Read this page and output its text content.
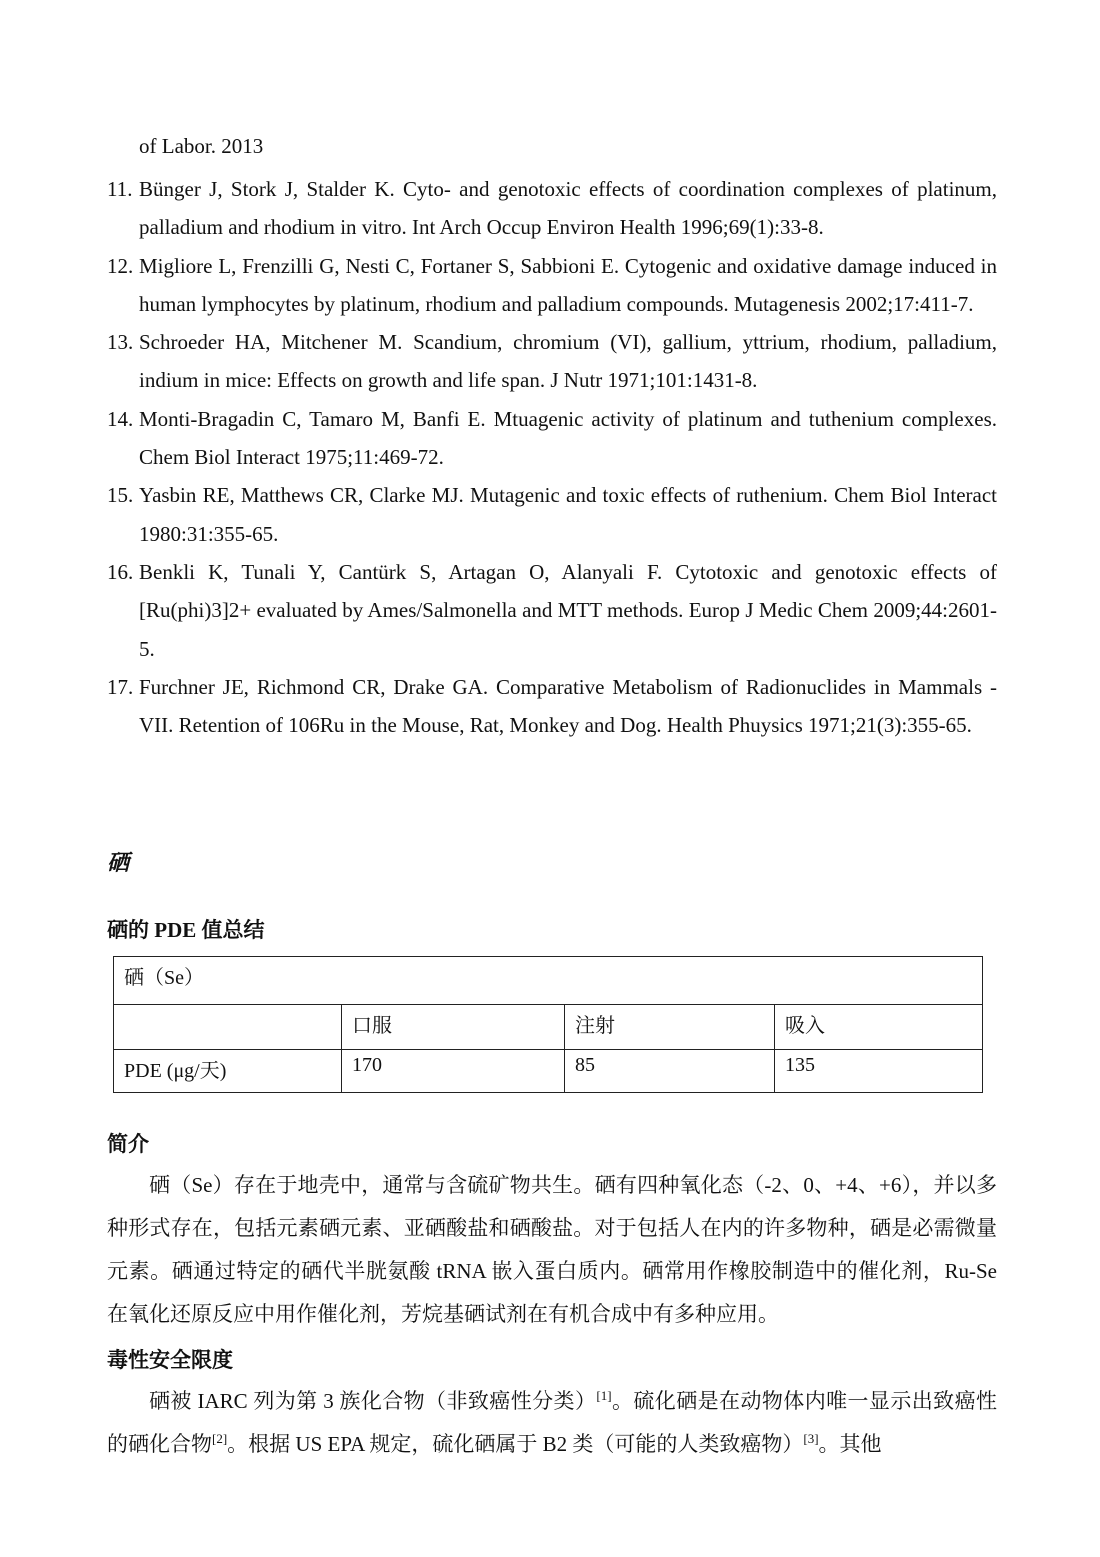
of Labor. 2013

11. Bünger J, Stork J, Stalder K. Cyto- and genotoxic effects of coordination complexes of platinum, palladium and rhodium in vitro. Int Arch Occup Environ Health 1996;69(1):33-8.
12. Migliore L, Frenzilli G, Nesti C, Fortaner S, Sabbioni E. Cytogenic and oxidative damage induced in human lymphocytes by platinum, rhodium and palladium compounds. Mutagenesis 2002;17:411-7.
13. Schroeder HA, Mitchener M. Scandium, chromium (VI), gallium, yttrium, rhodium, palladium, indium in mice: Effects on growth and life span. J Nutr 1971;101:1431-8.
14. Monti-Bragadin C, Tamaro M, Banfi E. Mtuagenic activity of platinum and tuthenium complexes. Chem Biol Interact 1975;11:469-72.
15. Yasbin RE, Matthews CR, Clarke MJ. Mutagenic and toxic effects of ruthenium. Chem Biol Interact 1980:31:355-65.
16. Benkli K, Tunali Y, Cantürk S, Artagan O, Alanyali F. Cytotoxic and genotoxic effects of [Ru(phi)3]2+ evaluated by Ames/Salmonella and MTT methods. Europ J Medic Chem 2009;44:2601-5.
17. Furchner JE, Richmond CR, Drake GA. Comparative Metabolism of Radionuclides in Mammals - VII. Retention of 106Ru in the Mouse, Rat, Monkey and Dog. Health Phuysics 1971;21(3):355-65.
硒
硒的 PDE 值总结
硒（Se）			
	口服	注射	吸入
PDE (μg/天)	170	85	135
简介

硒（Se）存在于地壳中，通常与含硫矿物共生。硒有四种氧化态（-2、0、+4、+6），并以多种形式存在，包括元素硒元素、亚硒酸盐和硒酸盐。对于包括人在内的许多物种，硒是必需微量元素。硒通过特定的硒代半胱氨酸 tRNA 嵌入蛋白质内。硒常用作橡胶制造中的催化剂，Ru-Se 在氧化还原反应中用作催化剂，芳烷基硒试剂在有机合成中有多种应用。

毒性安全限度

硒被 IARC 列为第 3 族化合物（非致癌性分类）[1]。硫化硒是在动物体内唯一显示出致癌性的硒化合物[2]。根据 US EPA 规定，硫化硒属于 B2 类（可能的人类致癌物）[3]。其他
